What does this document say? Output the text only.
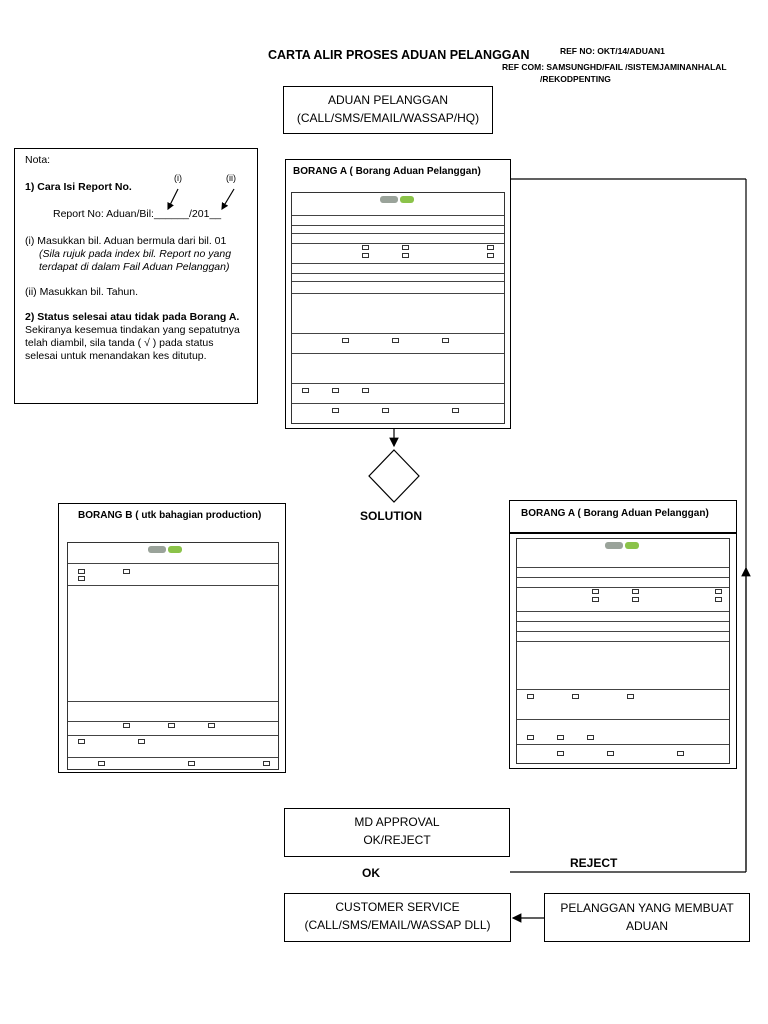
CARTA ALIR PROSES ADUAN PELANGGAN	REF NO: OKT/14/ADUAN1
REF COM: SAMSUNGHD/FAIL /SISTEMJAMINANHALAL
/REKODPENTING
ADUAN PELANGGAN
(CALL/SMS/EMAIL/WASSAP/HQ)

Nota:

1) Cara Isi Report No.

Report No: Aduan/Bil:______/201__

(i) Masukkan bil. Aduan bermula dari bil. 01

(Sila rujuk pada index bil. Report no yang terdapat di dalam Fail Aduan Pelanggan)

(ii) Masukkan bil. Tahun.

2) Status selesai atau tidak pada Borang A.

Sekiranya kesemua tindakan yang sepatutnya telah diambil, sila tanda ( √ ) pada status selesai untuk menandakan kes ditutup.

(i)	(ii)
BORANG A ( Borang Aduan Pelanggan)
SOLUTION
BORANG B ( utk bahagian production)	BORANG A ( Borang Aduan Pelanggan)
MD APPROVAL
OK/REJECT
REJECT
OK
CUSTOMER SERVICE
(CALL/SMS/EMAIL/WASSAP DLL)
PELANGGAN YANG MEMBUAT
ADUAN
